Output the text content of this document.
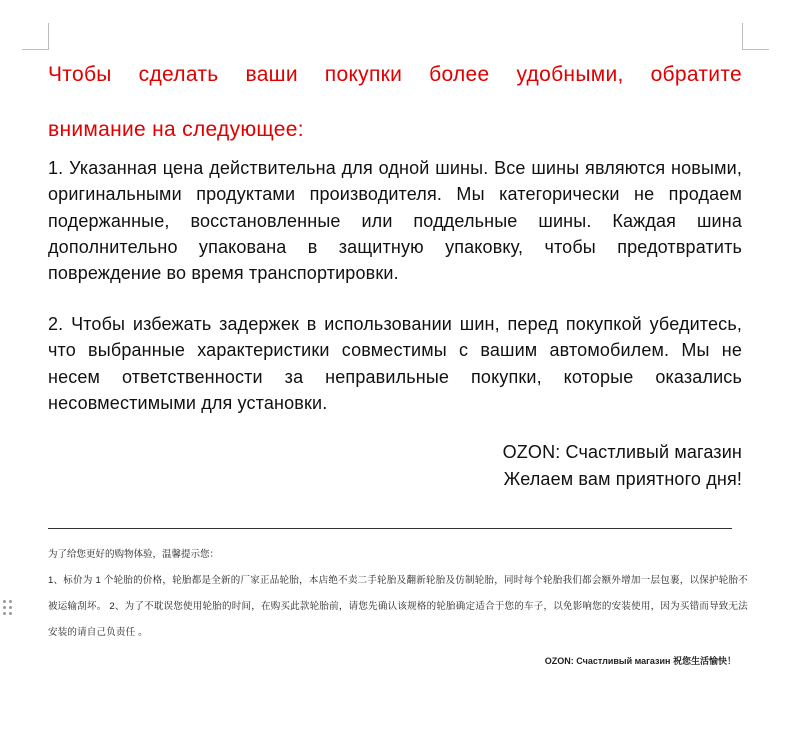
Чтобы сделать ваши покупки более удобными, обратите
внимание на следующее:

1. Указанная цена действительна для одной шины. Все шины являются новыми, оригинальными продуктами производителя. Мы категорически не продаем подержанные, восстановленные или поддельные шины. Каждая шина дополнительно упакована в защитную упаковку, чтобы предотвратить повреждение во время транспортировки.

2. Чтобы избежать задержек в использовании шин, перед покупкой убедитесь, что выбранные характеристики совместимы с вашим автомобилем. Мы не несем ответственности за неправильные покупки, которые оказались несовместимыми для установки.

OZON: Счастливый магазин
Желаем вам приятного дня!

为了给您更好的购物体验，温馨提示您：

1、标价为 1 个轮胎的价格，轮胎都是全新的厂家正品轮胎，本店绝不卖二手轮胎及翻新轮胎及仿制轮胎，同时每个轮胎我们都会额外增加一层包裹，以保护轮胎不被运输刮坏。 2、为了不耽误您使用轮胎的时间，在购买此款轮胎前，请您先确认该规格的轮胎确定适合于您的车子，以免影响您的安装使用，因为买错而导致无法安装的请自己负责任 。

OZON: Счастливый магазин 祝您生活愉快！
